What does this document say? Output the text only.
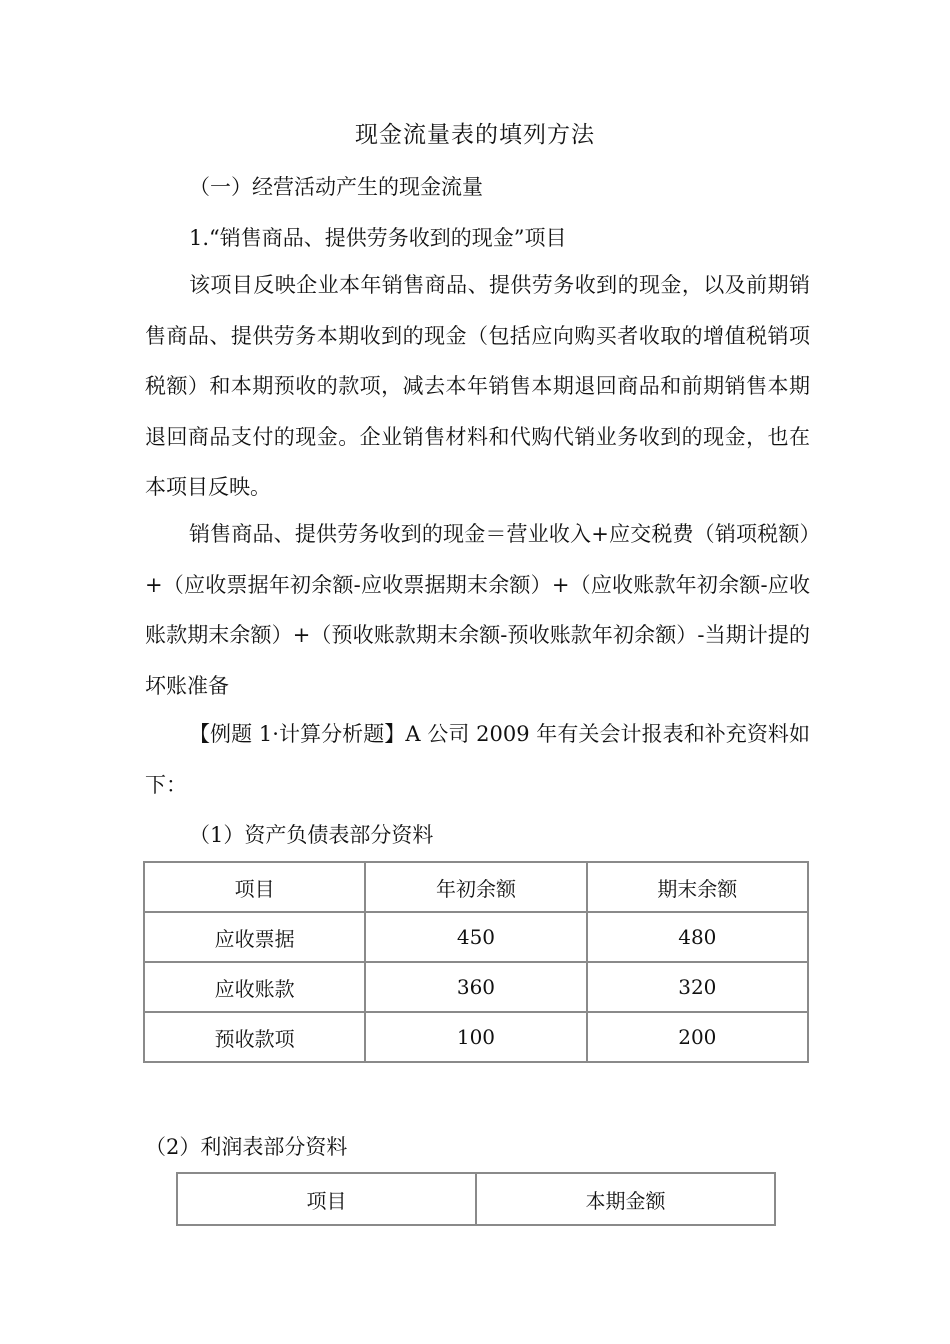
现金流量表的填列方法
（一）经营活动产生的现金流量
1.“销售商品、提供劳务收到的现金”项目
该项目反映企业本年销售商品、提供劳务收到的现金，以及前期销售商品、提供劳务本期收到的现金（包括应向购买者收取的增值税销项税额）和本期预收的款项，减去本年销售本期退回商品和前期销售本期退回商品支付的现金。企业销售材料和代购代销业务收到的现金，也在本项目反映。
销售商品、提供劳务收到的现金＝营业收入+应交税费（销项税额）+（应收票据年初余额-应收票据期末余额）+（应收账款年初余额-应收账款期末余额）+（预收账款期末余额-预收账款年初余额）-当期计提的坏账准备
【例题 1·计算分析题】A 公司 2009 年有关会计报表和补充资料如下：
（1）资产负债表部分资料
项目	年初余额	期末余额
应收票据	450	480
应收账款	360	320
预收款项	100	200
（2）利润表部分资料
项目	本期金额
